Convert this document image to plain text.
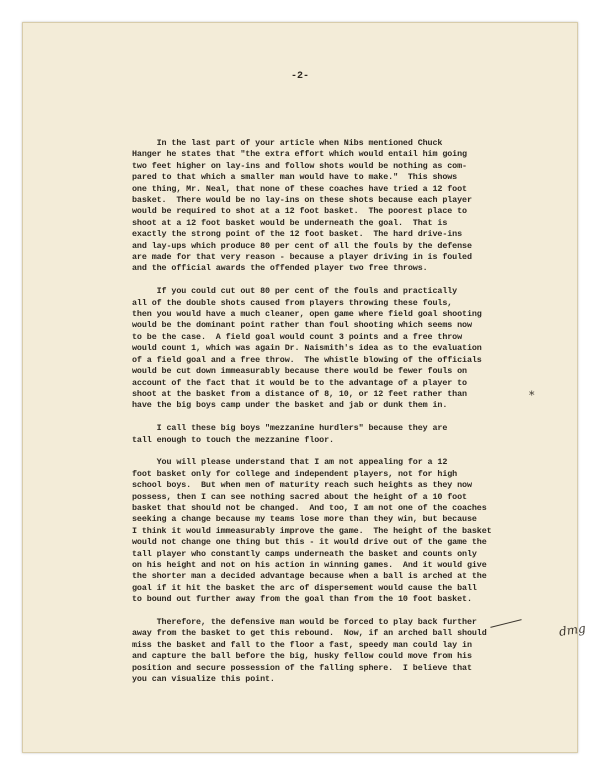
-2-
In the last part of your article when Nibs mentioned Chuck
Hanger he states that "the extra effort which would entail him going
two feet higher on lay-ins and follow shots would be nothing as com-
pared to that which a smaller man would have to make."  This shows
one thing, Mr. Neal, that none of these coaches have tried a 12 foot
basket.  There would be no lay-ins on these shots because each player
would be required to shot at a 12 foot basket.  The poorest place to
shoot at a 12 foot basket would be underneath the goal.  That is
exactly the strong point of the 12 foot basket.  The hard drive-ins
and lay-ups which produce 80 per cent of all the fouls by the defense
are made for that very reason - because a player driving in is fouled
and the official awards the offended player two free throws.
If you could cut out 80 per cent of the fouls and practically
all of the double shots caused from players throwing these fouls,
then you would have a much cleaner, open game where field goal shooting
would be the dominant point rather than foul shooting which seems now
to be the case.  A field goal would count 3 points and a free throw
would count 1, which was again Dr. Naismith's idea as to the evaluation
of a field goal and a free throw.  The whistle blowing of the officials
would be cut down immeasurably because there would be fewer fouls on
account of the fact that it would be to the advantage of a player to
shoot at the basket from a distance of 8, 10, or 12 feet rather than
have the big boys camp under the basket and jab or dunk them in.
I call these big boys "mezzanine hurdlers" because they are
tall enough to touch the mezzanine floor.
You will please understand that I am not appealing for a 12
foot basket only for college and independent players, not for high
school boys.  But when men of maturity reach such heights as they now
possess, then I can see nothing sacred about the height of a 10 foot
basket that should not be changed.  And too, I am not one of the coaches
seeking a change because my teams lose more than they win, but because
I think it would immeasurably improve the game.  The height of the basket
would not change one thing but this - it would drive out of the game the
tall player who constantly camps underneath the basket and counts only
on his height and not on his action in winning games.  And it would give
the shorter man a decided advantage because when a ball is arched at the
goal if it hit the basket the arc of dispersement would cause the ball
to bound out further away from the goal than from the 10 foot basket.
Therefore, the defensive man would be forced to play back further
away from the basket to get this rebound.  Now, if an arched ball should
miss the basket and fall to the floor a fast, speedy man could lay in
and capture the ball before the big, husky fellow could move from his
position and secure possession of the falling sphere.  I believe that
you can visualize this point.
*
dmg
